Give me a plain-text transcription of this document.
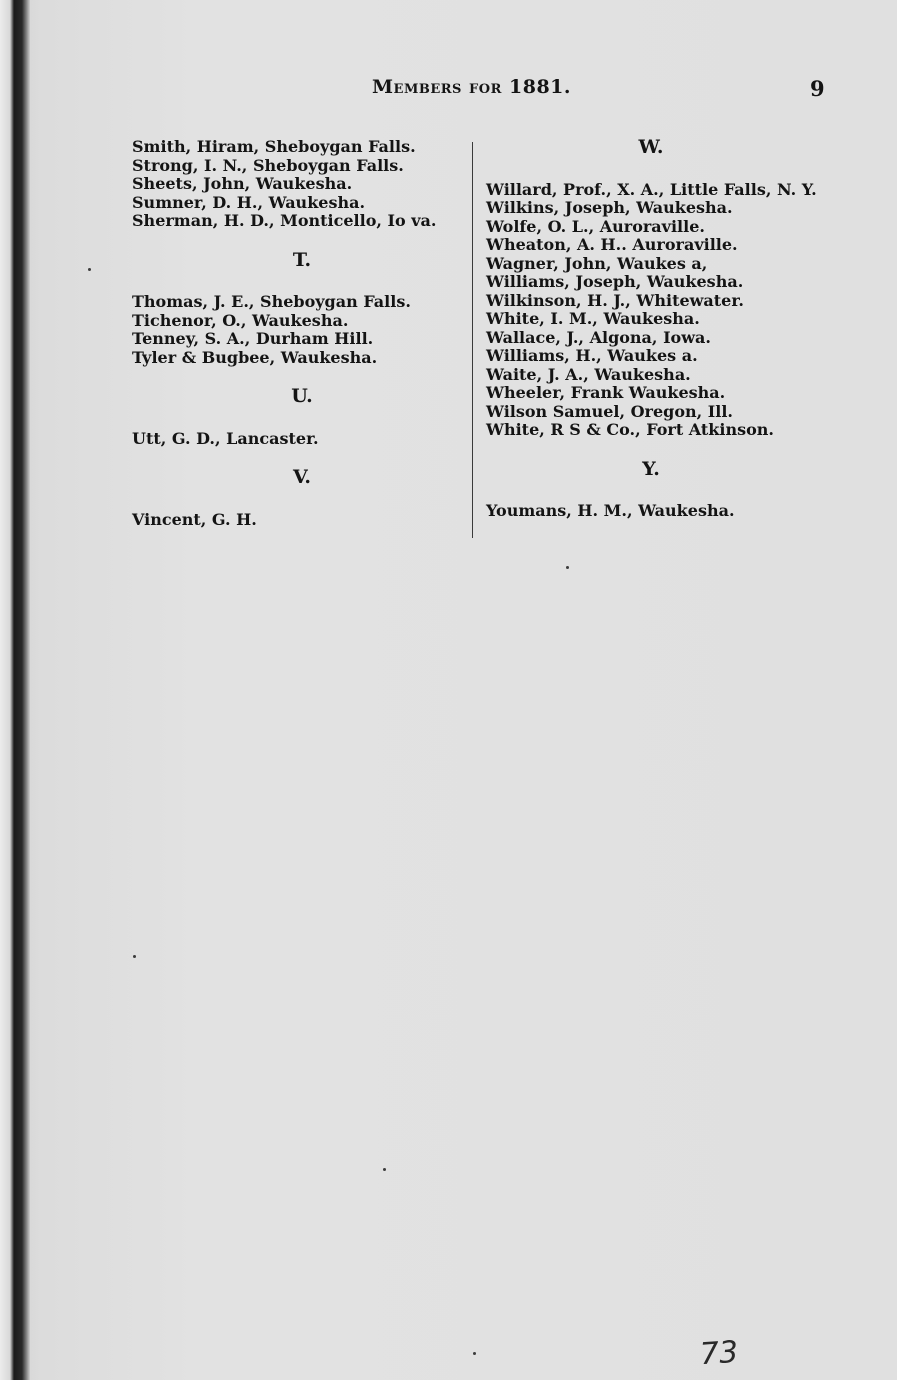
Members for 1881.	9
Smith, Hiram, Sheboygan Falls.
Strong, I. N., Sheboygan Falls.
Sheets, John, Waukesha.
Sumner, D. H., Waukesha.
Sherman, H. D., Monticello, Io va.
T.
Thomas, J. E., Sheboygan Falls.
Tichenor, O., Waukesha.
Tenney, S. A., Durham Hill.
Tyler & Bugbee, Waukesha.
U.
Utt, G. D., Lancaster.
V.
Vincent, G. H.
W.
Willard, Prof., X. A., Little Falls, N. Y.
Wilkins, Joseph, Waukesha.
Wolfe, O. L., Auroraville.
Wheaton, A. H.. Auroraville.
Wagner, John, Waukes a,
Williams, Joseph, Waukesha.
Wilkinson, H. J., Whitewater.
White, I. M., Waukesha.
Wallace, J., Algona, Iowa.
Williams, H., Waukes a.
Waite, J. A., Waukesha.
Wheeler, Frank Waukesha.
Wilson Samuel, Oregon, Ill.
White, R S & Co., Fort Atkinson.
Y.
Youmans, H. M., Waukesha.
73
